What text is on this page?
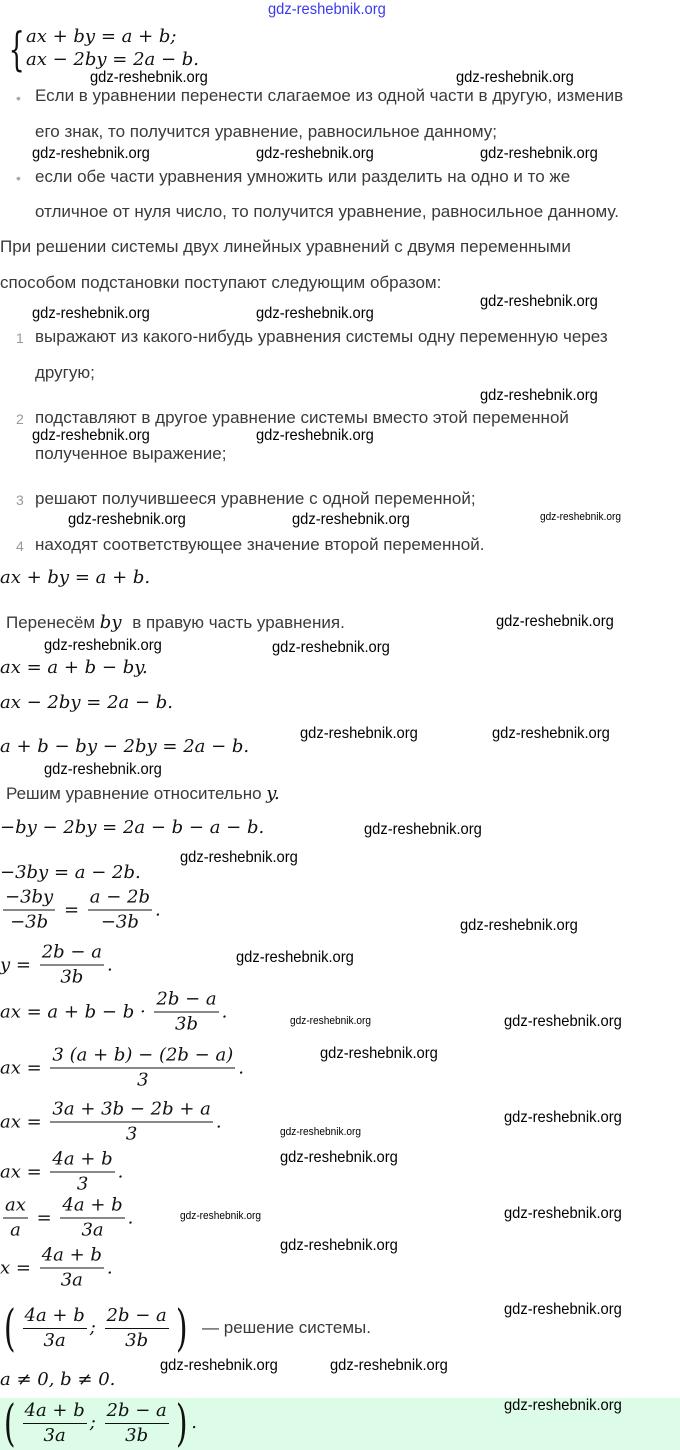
gdz-reshebnik.org
{ ax + by = a + b;
ax − 2by = 2a − b.
• Если в уравнении перенести слагаемое из одной части в другую, изменив
его знак, то получится уравнение, равносильное данному;
• если обе части уравнения умножить или разделить на одно и то же
отличное от нуля число, то получится уравнение, равносильное данному.
При решении системы двух линейных уравнений с двумя переменными
способом подстановки поступают следующим образом:
1 выражают из какого-нибудь уравнения системы одну переменную через
другую;
2 подставляют в другое уравнение системы вместо этой переменной
полученное выражение;
3 решают получившееся уравнение с одной переменной;
4 находят соответствующее значение второй переменной.
ax + by = a + b.
Перенесём by в правую часть уравнения.
ax = a + b − by.
ax − 2by = 2a − b.
a + b − by − 2by = 2a − b.
Решим уравнение относительно y.
−by − 2by = 2a − b − a − b.
−3by = a − 2b.
$\frac{-3by}{-3b} = \frac{a - 2b}{-3b}$ .
$y = \frac{2b - a}{3b}$ .
ax = $a + b - b \cdot \frac{2b - a}{3b}$ .
ax = $\frac{3 (a + b) - (2b - a)}{3}$ .
ax = $\frac{3a + 3b - 2b + a}{3}$ .
ax = $\frac{4a + b}{3}$ .
$\frac{ax}{a} = \frac{4a + b}{3a}$ .
$x = \frac{4a + b}{3a}$ .
( $\frac{4a + b}{3a}$ ; $\frac{2b - a}{3b}$ ) — решение системы.
a ≠ 0, b ≠ 0.
( $\frac{4a + b}{3a}$ ; $\frac{2b - a}{3b}$ ) .
gdz-reshebnik.org	gdz-reshebnik.org
gdz-reshebnik.org	gdz-reshebnik.org	gdz-reshebnik.org
gdz-reshebnik.org
gdz-reshebnik.org	gdz-reshebnik.org
gdz-reshebnik.org
gdz-reshebnik.org	gdz-reshebnik.org
gdz-reshebnik.org
gdz-reshebnik.org	gdz-reshebnik.org
gdz-reshebnik.org
gdz-reshebnik.org
gdz-reshebnik.org
gdz-reshebnik.org	gdz-reshebnik.org
gdz-reshebnik.org
gdz-reshebnik.org
gdz-reshebnik.org
gdz-reshebnik.org
gdz-reshebnik.org
gdz-reshebnik.org	gdz-reshebnik.org
gdz-reshebnik.org
gdz-reshebnik.org
gdz-reshebnik.org
gdz-reshebnik.org
gdz-reshebnik.org	gdz-reshebnik.org
gdz-reshebnik.org
gdz-reshebnik.org
gdz-reshebnik.org
gdz-reshebnik.org
gdz-reshebnik.org
